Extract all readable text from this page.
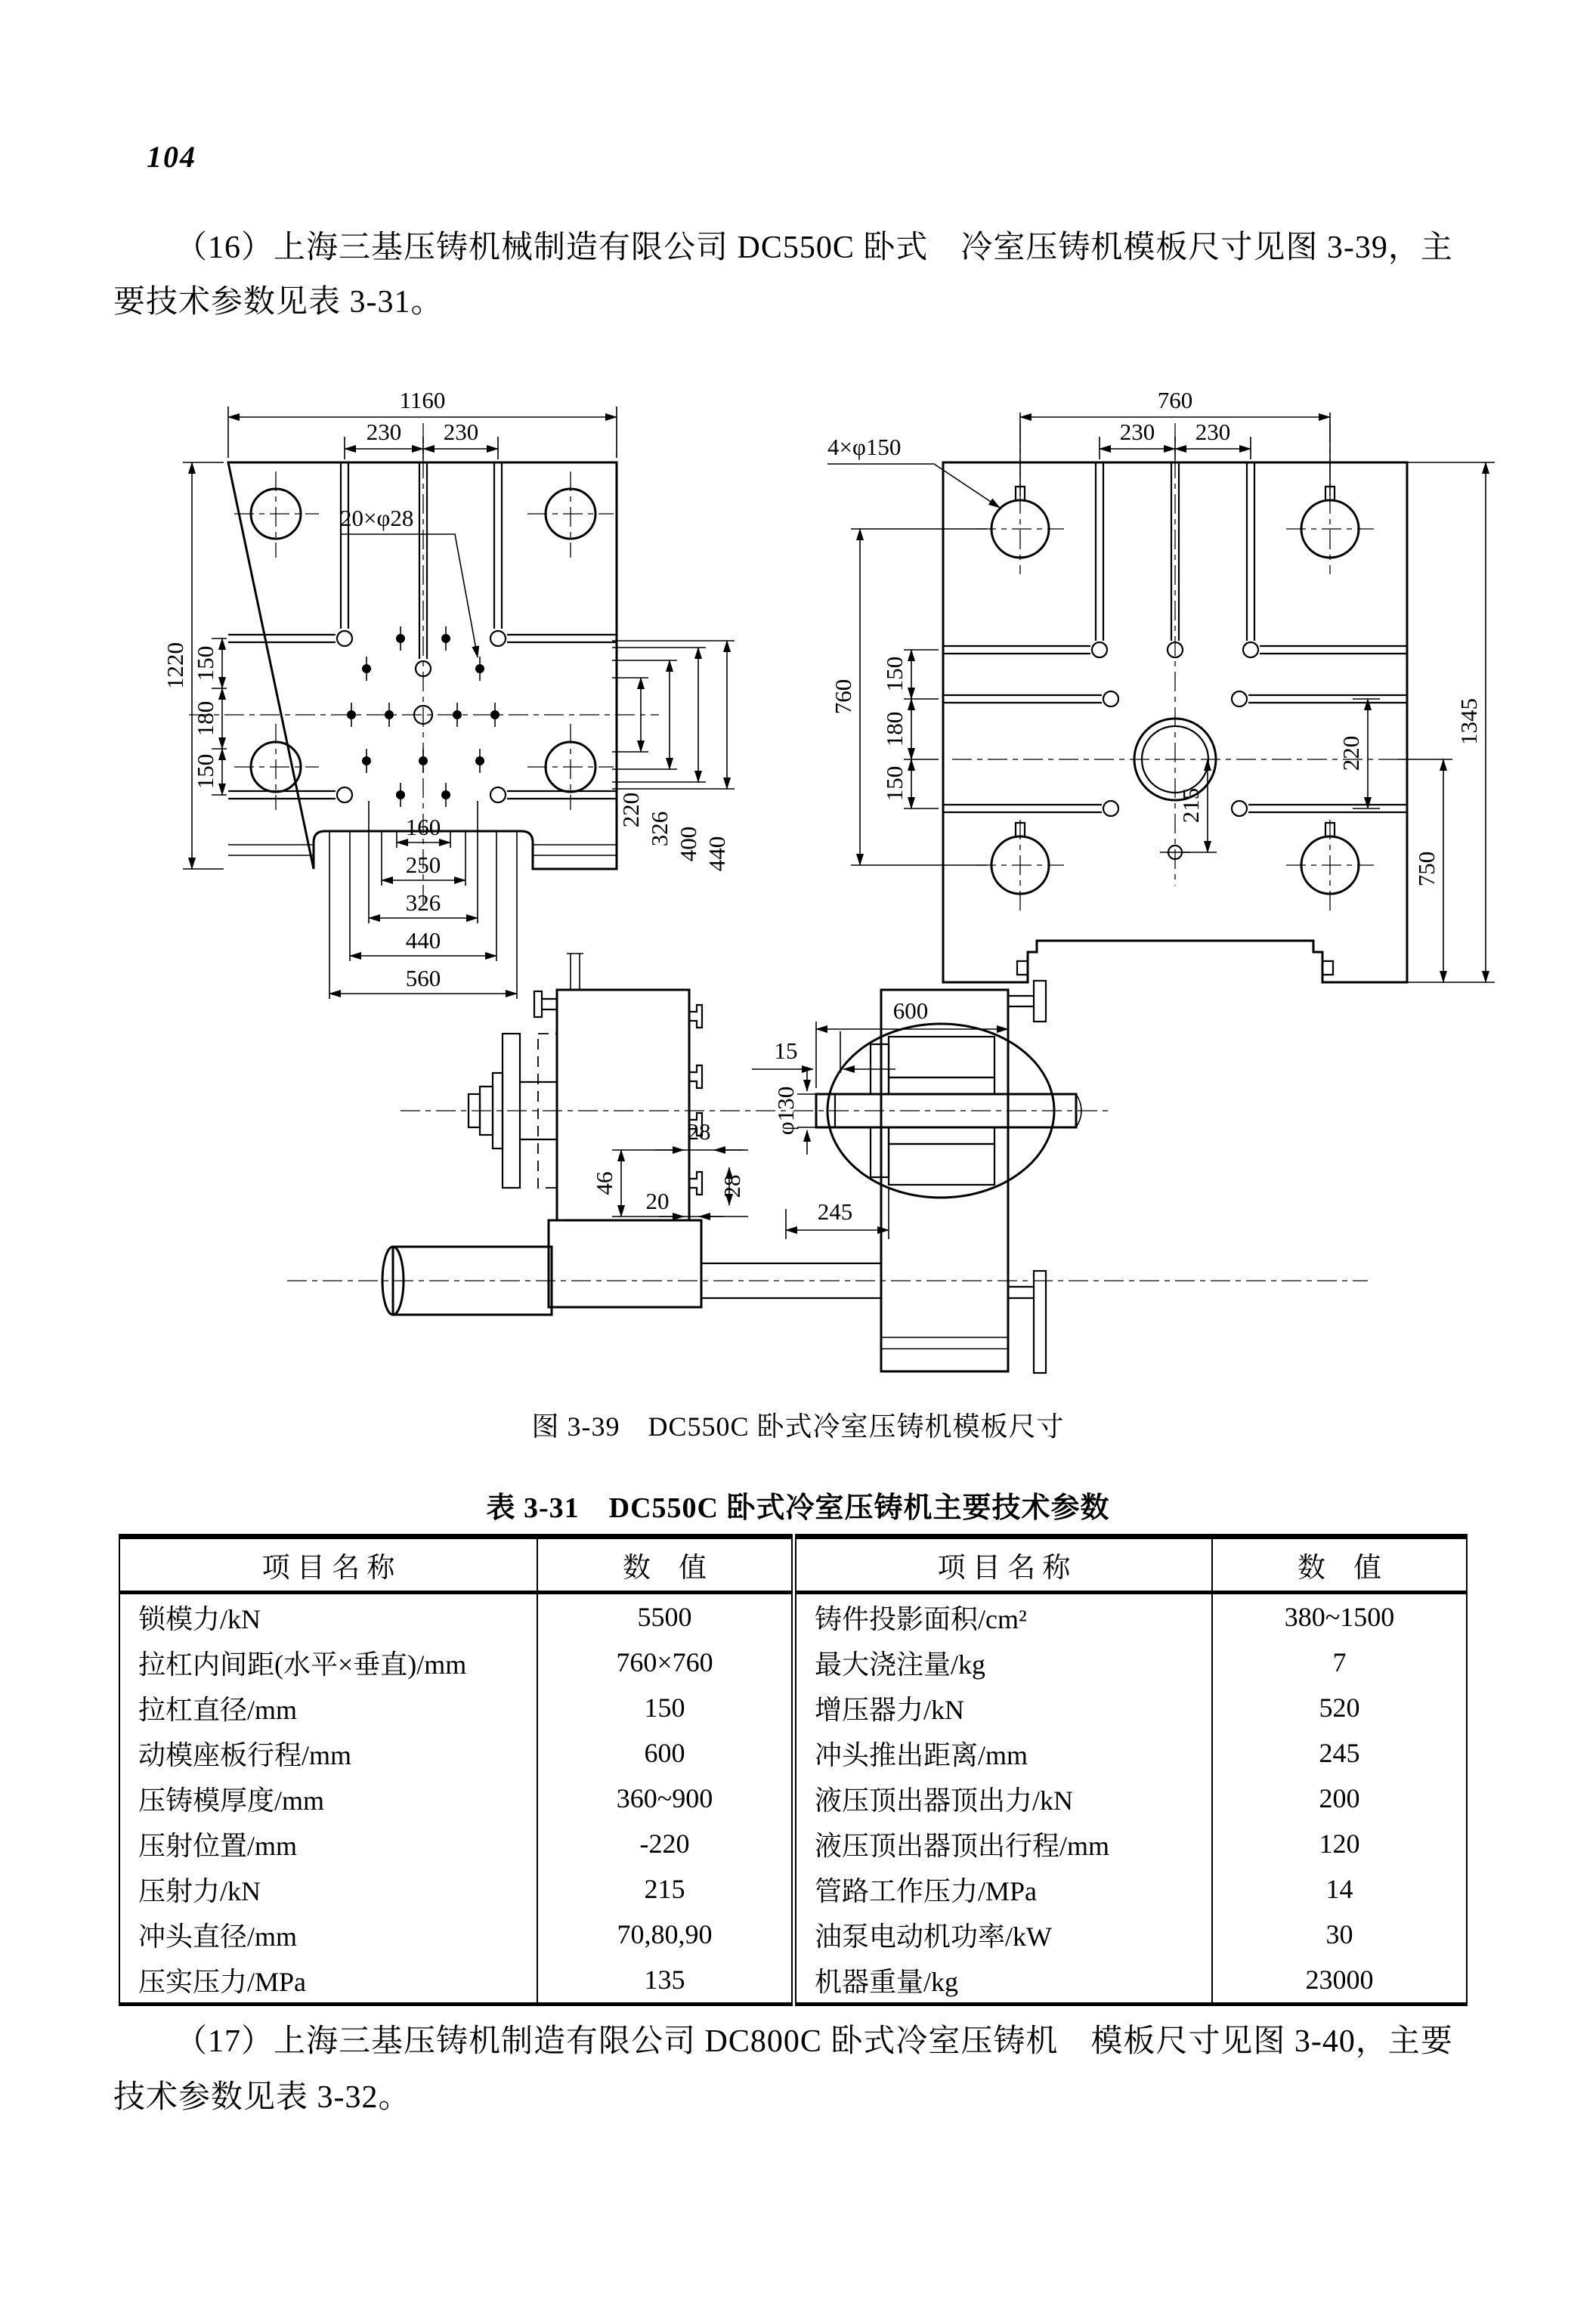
104
（16）上海三基压铸机械制造有限公司 DC550C 卧式　冷室压铸机模板尺寸见图 3-39，主
要技术参数见表 3-31。
1160
230 230
20×φ28
1220 150
180
150
220
326 400 440
160
250
326
440
560
760
230 230
4×φ150
760
150
180
150
215
220
750
1345
600
15
φ130
28
46
20
28
245
图 3-39　DC550C 卧式冷室压铸机模板尺寸
表 3-31　DC550C 卧式冷室压铸机主要技术参数
项 目 名 称	数　值	项 目 名 称	数　值
锁模力/kN	5500	铸件投影面积/cm²	380~1500
拉杠内间距(水平×垂直)/mm	760×760	最大浇注量/kg	7
拉杠直径/mm	150	增压器力/kN	520
动模座板行程/mm	600	冲头推出距离/mm	245
压铸模厚度/mm	360~900	液压顶出器顶出力/kN	200
压射位置/mm	-220	液压顶出器顶出行程/mm	120
压射力/kN	215	管路工作压力/MPa	14
冲头直径/mm	70,80,90	油泵电动机功率/kW	30
压实压力/MPa	135	机器重量/kg	23000
（17）上海三基压铸机制造有限公司 DC800C 卧式冷室压铸机　模板尺寸见图 3-40，主要
技术参数见表 3-32。
